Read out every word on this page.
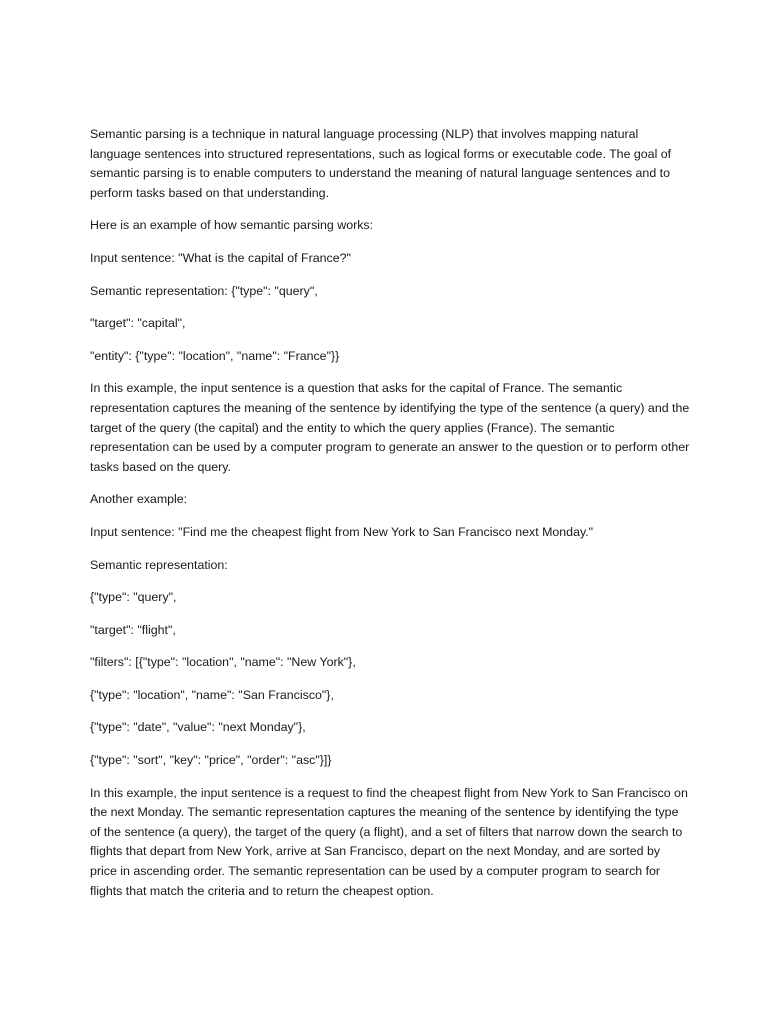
Semantic parsing is a technique in natural language processing (NLP) that involves mapping natural language sentences into structured representations, such as logical forms or executable code. The goal of semantic parsing is to enable computers to understand the meaning of natural language sentences and to perform tasks based on that understanding.

Here is an example of how semantic parsing works:

Input sentence: "What is the capital of France?"

Semantic representation: {"type": "query",

"target": "capital",

"entity": {"type": "location", "name": "France"}}

In this example, the input sentence is a question that asks for the capital of France. The semantic representation captures the meaning of the sentence by identifying the type of the sentence (a query) and the target of the query (the capital) and the entity to which the query applies (France). The semantic representation can be used by a computer program to generate an answer to the question or to perform other tasks based on the query.

Another example:

Input sentence: "Find me the cheapest flight from New York to San Francisco next Monday."

Semantic representation:

{"type": "query",

"target": "flight",

"filters": [{"type": "location", "name": "New York"},

{"type": "location", "name": "San Francisco"},

{"type": "date", "value": "next Monday"},

{"type": "sort", "key": "price", "order": "asc"}]}

In this example, the input sentence is a request to find the cheapest flight from New York to San Francisco on the next Monday. The semantic representation captures the meaning of the sentence by identifying the type of the sentence (a query), the target of the query (a flight), and a set of filters that narrow down the search to flights that depart from New York, arrive at San Francisco, depart on the next Monday, and are sorted by price in ascending order. The semantic representation can be used by a computer program to search for flights that match the criteria and to return the cheapest option.
